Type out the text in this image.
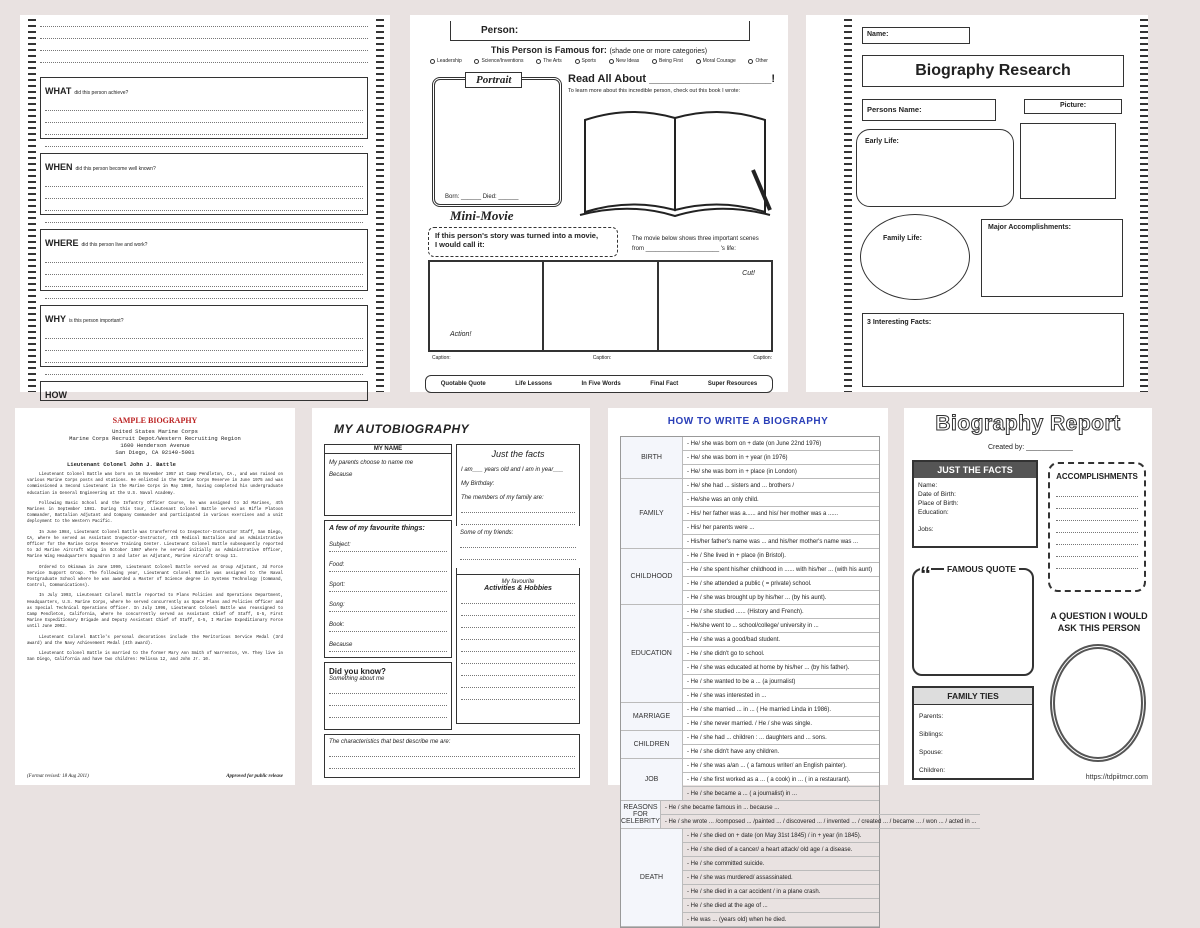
WHAT did this person achieve?
WHEN did this person become well known?
WHERE did this person live and work?
WHY is this person important?
HOW
Person:
This Person is Famous for: (shade one or more categories)
Leadership	Science/Inventions	The Arts	Sports	New Ideas	Being First	Moral Courage	Other
Portrait
Born: ______ Died: ______
Read All About ____________________!
To learn more about this incredible person, check out this book I wrote:
Mini-Movie
If this person's story was turned into a movie,
I would call it:
The movie below shows three important scenes
from ______________________ 's life:
Action!
Cut!
Caption:	Caption:	Caption:
Quotable Quote	Life Lessons	In Five Words	Final Fact	Super Resources
Name:
Biography Research
Persons Name:	Picture:
Early Life:
Family Life:
Major Accomplishments:
3 Interesting Facts:
SAMPLE BIOGRAPHY
United States Marine Corps
Marine Corps Recruit Depot/Western Recruiting Region
1600 Henderson Avenue
San Diego, CA 92140-5001
Lieutenant Colonel John J. Battle

Lieutenant Colonel Battle was born on 16 November 1957 at Camp Pendleton, CA., and was raised on various Marine Corps posts and stations. He enlisted in the Marine Corps Reserve in June 1975 and was commissioned a Second Lieutenant in the Marine Corps in May 1980, having completed his undergraduate education in General Engineering at the U.S. Naval Academy.

Following Basic School and the Infantry Officer Course, he was assigned to 3d Marines, 4th Marines in September 1981. During this tour, Lieutenant Colonel Battle served as Rifle Platoon Commander, Battalion Adjutant and Company Commander and participated in various exercises and a unit deployment to the Western Pacific.

In June 1984, Lieutenant Colonel Battle was transferred to Inspector-Instructor Staff, San Diego, CA, where he served as Assistant Inspector-Instructor, 4th Medical Battalion and as Administrative Officer for the Marine Corps Reserve Training Center. Lieutenant Colonel Battle subsequently reported to 3d Marine Aircraft Wing in October 1987 where he served initially as Administrative Officer, Marine Wing Headquarters Squadron 3 and later as Adjutant, Marine Aircraft Group 11.

Ordered to Okinawa in June 1990, Lieutenant Colonel Battle served as Group Adjutant, 3d Force Service Support Group. The following year, Lieutenant Colonel Battle was assigned to the Naval Postgraduate School where he was awarded a Master of Science degree in Systems Technology (Command, Control, Communications).

In July 1993, Lieutenant Colonel Battle reported to Plans Policies and Operations Department, Headquarters, U.S. Marine Corps, where he served concurrently as Space Plans and Policies Officer and as Special Technical Operations Officer. In July 1996, Lieutenant Colonel Battle was reassigned to Camp Pendleton, California, where he concurrently served as Assistant Chief of Staff, G-5, First Marine Expeditionary Brigade and Deputy Assistant Chief of Staff, G-5, I Marine Expeditionary Force until June 2002.

Lieutenant Colonel Battle's personal decorations include the Meritorious Service Medal (3rd award) and the Navy Achievement Medal (4th award).

Lieutenant Colonel Battle is married to the former Mary Ann Smith of Warrenton, VA. They live in San Diego, California and have two children: Melissa 12, and John Jr. 10.

(Format revised: 18 Aug 2011)	Approved for public release
MY AUTOBIOGRAPHY
MY NAME
My parents choose to name me
Because
Just the facts
I am___ years old and I am in year___
My Birthday:
The members of my family are:
A few of my favourite things:
Subject:
Food:
Sport:
Song:
Book:
Because
Some of my friends:
My favourite
Activities & Hobbies
Did you know?
Something about me
The characteristics that best describe me are:
HOW TO WRITE A BIOGRAPHY
BIRTH
- He/ she was born on + date (on June 22nd 1976)
- He/ she was born in + year (in 1976)
- He/ she was born in + place (in London)
FAMILY
- He/ she had ... sisters and ... brothers /
- He/she was an only child.
- His/ her father was a...... and his/ her mother was a ......
- His/ her parents were ...
- His/her father's name was ... and his/her mother's name was ...
CHILDHOOD
- He / She lived in + place (in Bristol).
- He / she spent his/her childhood in ...... with his/her ... (with his aunt)
- He / she attended a public ( = private) school.
- He / she was brought up by his/her ... (by his aunt).
EDUCATION
- He / she studied ...... (History and French).
- He/she went to ... school/college/ university in ...
- He / she was a good/bad student.
- He / she didn't go to school.
- He / she was educated at home by his/her ... (by his father).
- He / she wanted to be a ... (a journalist)
- He / she was interested in ...
MARRIAGE
- He / she married ... in ... ( He married Linda in 1986).
- He / she never married. / He / she was single.
CHILDREN
- He / she had ... children : ... daughters and ... sons.
- He / she didn't have any children.
JOB
- He / she was a/an ... ( a famous writer/ an English painter).
- He / she first worked as a ... ( a cook) in ... ( in a restaurant).
- He / she became a ... ( a journalist) in ...
REASONS FOR CELEBRITY
- He / she became famous in ... because ...
- He / she wrote ... /composed ... /painted ... / discovered ... / invented ... / created ... / became ... / won ... / acted in ...
DEATH
- He / she died on + date (on May 31st 1845) / in + year (in 1845).
- He / she died of a cancer/ a heart attack/ old age / a disease.
- He / she committed suicide.
- He / she was murdered/ assassinated.
- He / she died in a car accident / in a plane crash.
- He / she died at the age of ...
- He was ... (years old) when he died.
Biography Report
Created by: ____________
JUST THE FACTS
Name:
Date of Birth:
Place of Birth:
Education:
Jobs:
ACCOMPLISHMENTS
“	FAMOUS QUOTE
A QUESTION I WOULD ASK THIS PERSON
FAMILY TIES
Parents:
Siblings:
Spouse:
Children:
https://tdpiitmcr.com
